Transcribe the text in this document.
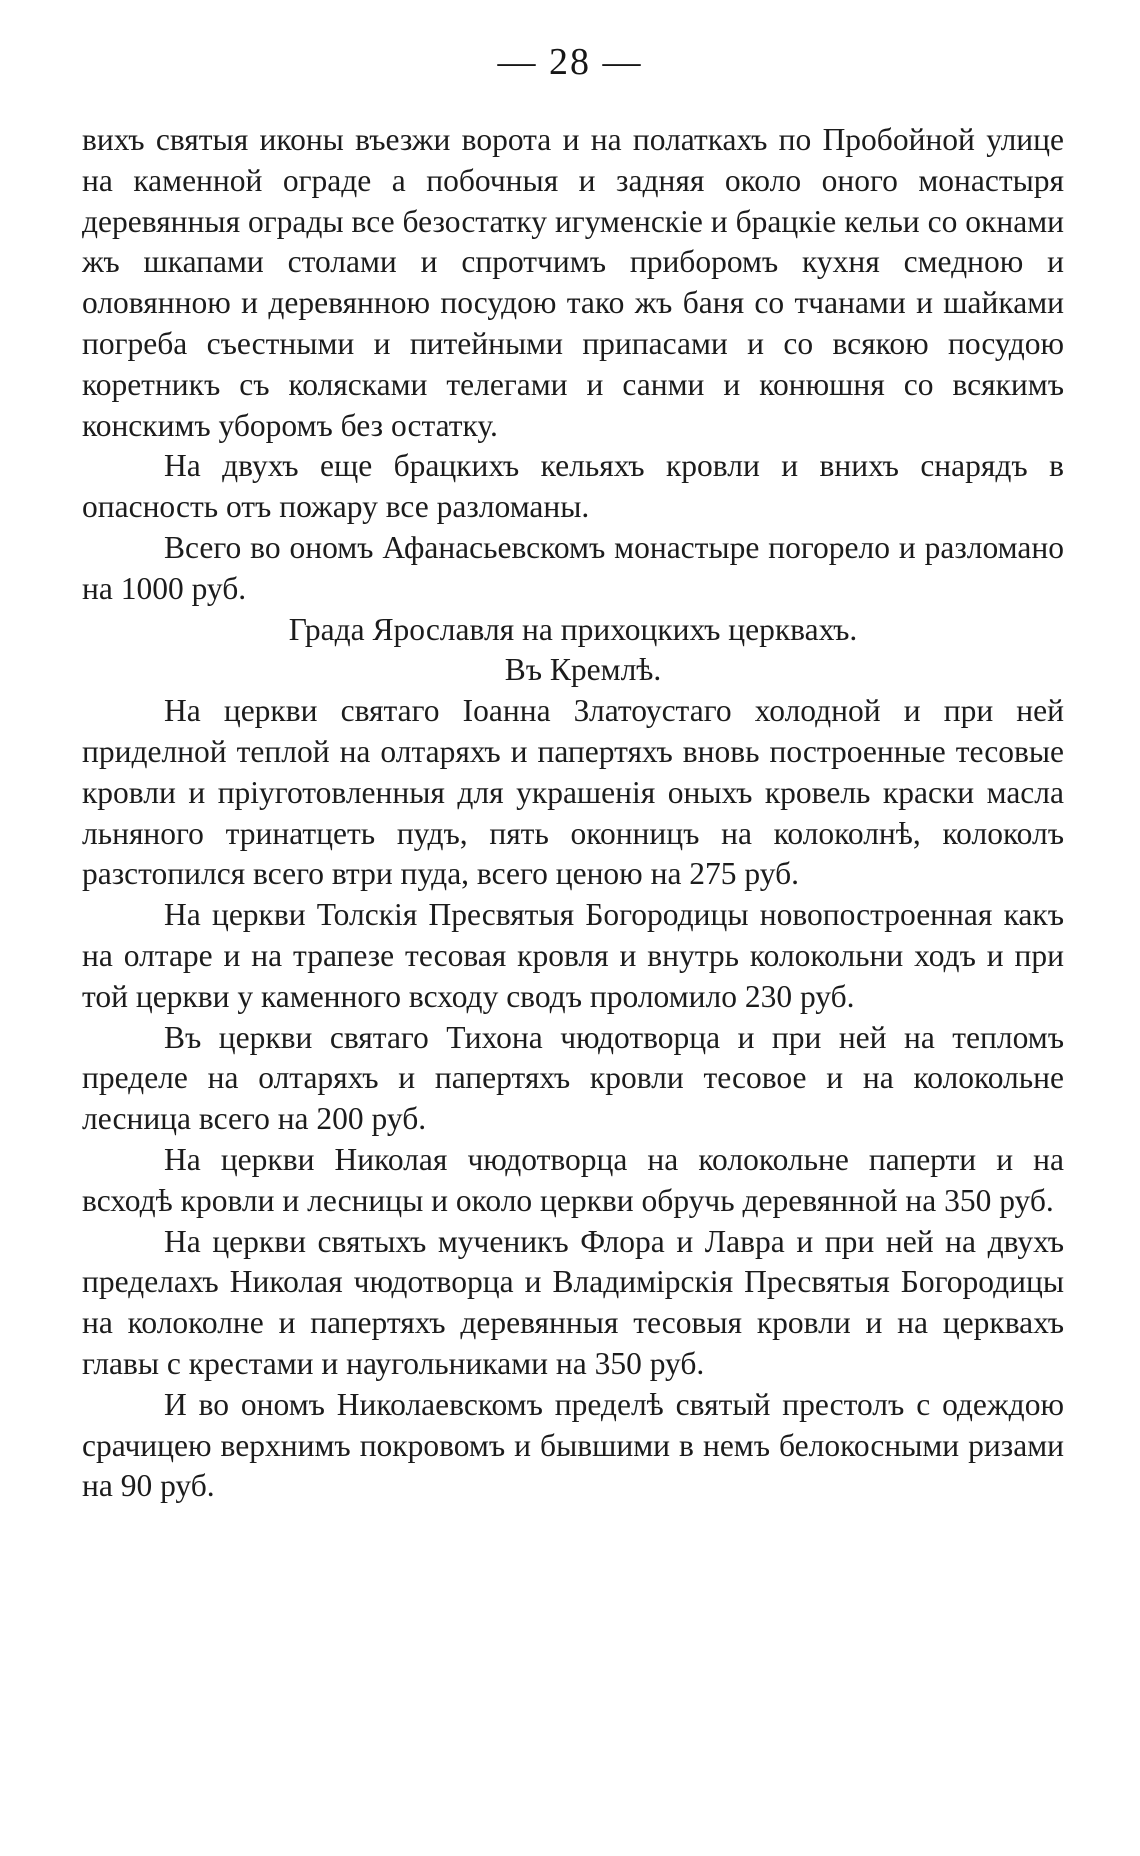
— 28 —

вихъ святыя иконы въезжи ворота и на полаткахъ по Пробойной улице на каменной ограде а побочныя и задняя около оного монастыря деревянныя ограды все безостатку игуменскіе и брацкіе кельи со окнами жъ шкапами столами и спротчимъ приборомъ кухня смедною и оловянною и деревянною посудою тако жъ баня со тчанами и шайками погреба съестными и питейными припасами и со всякою посудою коретникъ съ колясками телегами и санми и конюшня со всякимъ конскимъ уборомъ без остатку.

На двухъ еще брацкихъ кельяхъ кровли и внихъ снарядъ в опасность отъ пожару все разломаны.

Всего во ономъ Афанасьевскомъ монастыре погорело и разломано на 1000 руб.

Града Ярославля на прихоцкихъ церквахъ.

Въ Кремлѣ.

На церкви святаго Іоанна Златоустаго холодной и при ней приделной теплой на олтаряхъ и папертяхъ вновь построенные тесовые кровли и пріуготовленныя для украшенія оныхъ кровель краски масла льняного тринатцеть пудъ, пять оконницъ на колоколнѣ, колоколъ разстопился всего втри пуда, всего ценою на 275 руб.

На церкви Толскія Пресвятыя Богородицы новопостроенная какъ на олтаре и на трапезе тесовая кровля и внутрь колокольни ходъ и при той церкви у каменного всходу сводъ проломило 230 руб.

Въ церкви святаго Тихона чюдотворца и при ней на тепломъ пределе на олтаряхъ и папертяхъ кровли тесовое и на колокольне лесница всего на 200 руб.

На церкви Николая чюдотворца на колокольне паперти и на всходѣ кровли и лесницы и около церкви обручь деревянной на 350 руб.

На церкви святыхъ мученикъ Флора и Лавра и при ней на двухъ пределахъ Николая чюдотворца и Владимірскія Пресвятыя Богородицы на колоколне и папертяхъ деревянныя тесовыя кровли и на церквахъ главы с крестами и наугольниками на 350 руб.

И во ономъ Николаевскомъ пределѣ святый престолъ с одеждою срачицею верхнимъ покровомъ и бывшими в немъ белокосными ризами на 90 руб.
